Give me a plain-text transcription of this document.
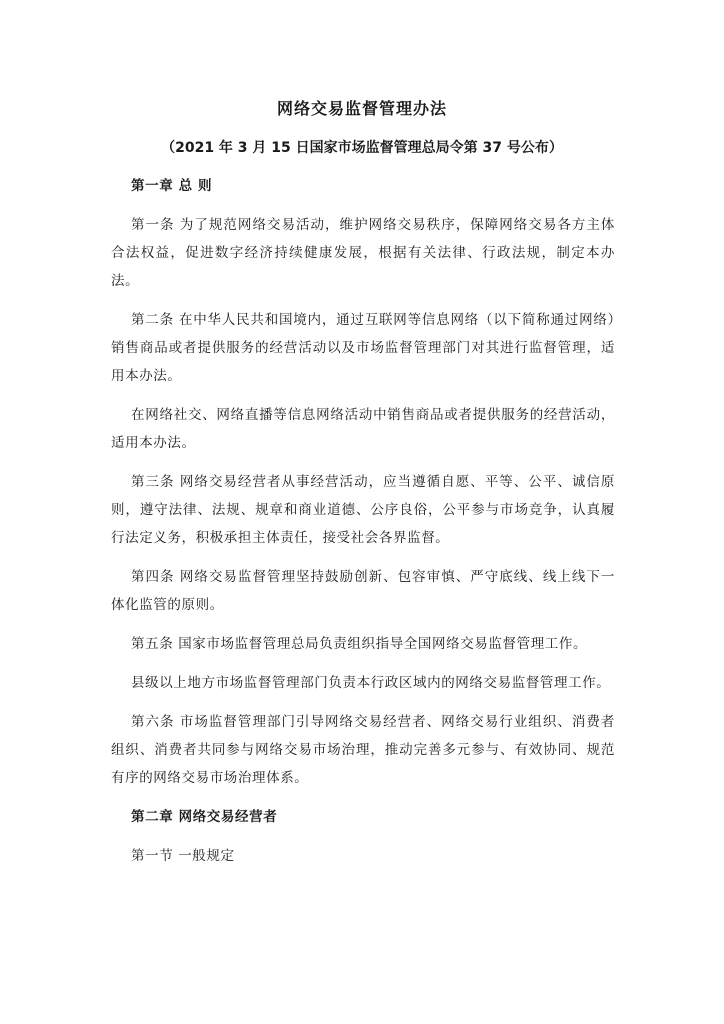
网络交易监督管理办法
（2021 年 3 月 15 日国家市场监督管理总局令第 37 号公布）

第一章 总 则

第一条 为了规范网络交易活动，维护网络交易秩序，保障网络交易各方主体合法权益，促进数字经济持续健康发展，根据有关法律、行政法规，制定本办法。

第二条 在中华人民共和国境内，通过互联网等信息网络（以下简称通过网络）销售商品或者提供服务的经营活动以及市场监督管理部门对其进行监督管理，适用本办法。

在网络社交、网络直播等信息网络活动中销售商品或者提供服务的经营活动，适用本办法。

第三条 网络交易经营者从事经营活动，应当遵循自愿、平等、公平、诚信原则，遵守法律、法规、规章和商业道德、公序良俗，公平参与市场竞争，认真履行法定义务，积极承担主体责任，接受社会各界监督。

第四条 网络交易监督管理坚持鼓励创新、包容审慎、严守底线、线上线下一体化监管的原则。

第五条 国家市场监督管理总局负责组织指导全国网络交易监督管理工作。

县级以上地方市场监督管理部门负责本行政区域内的网络交易监督管理工作。

第六条 市场监督管理部门引导网络交易经营者、网络交易行业组织、消费者组织、消费者共同参与网络交易市场治理，推动完善多元参与、有效协同、规范有序的网络交易市场治理体系。

第二章 网络交易经营者

第一节 一般规定
